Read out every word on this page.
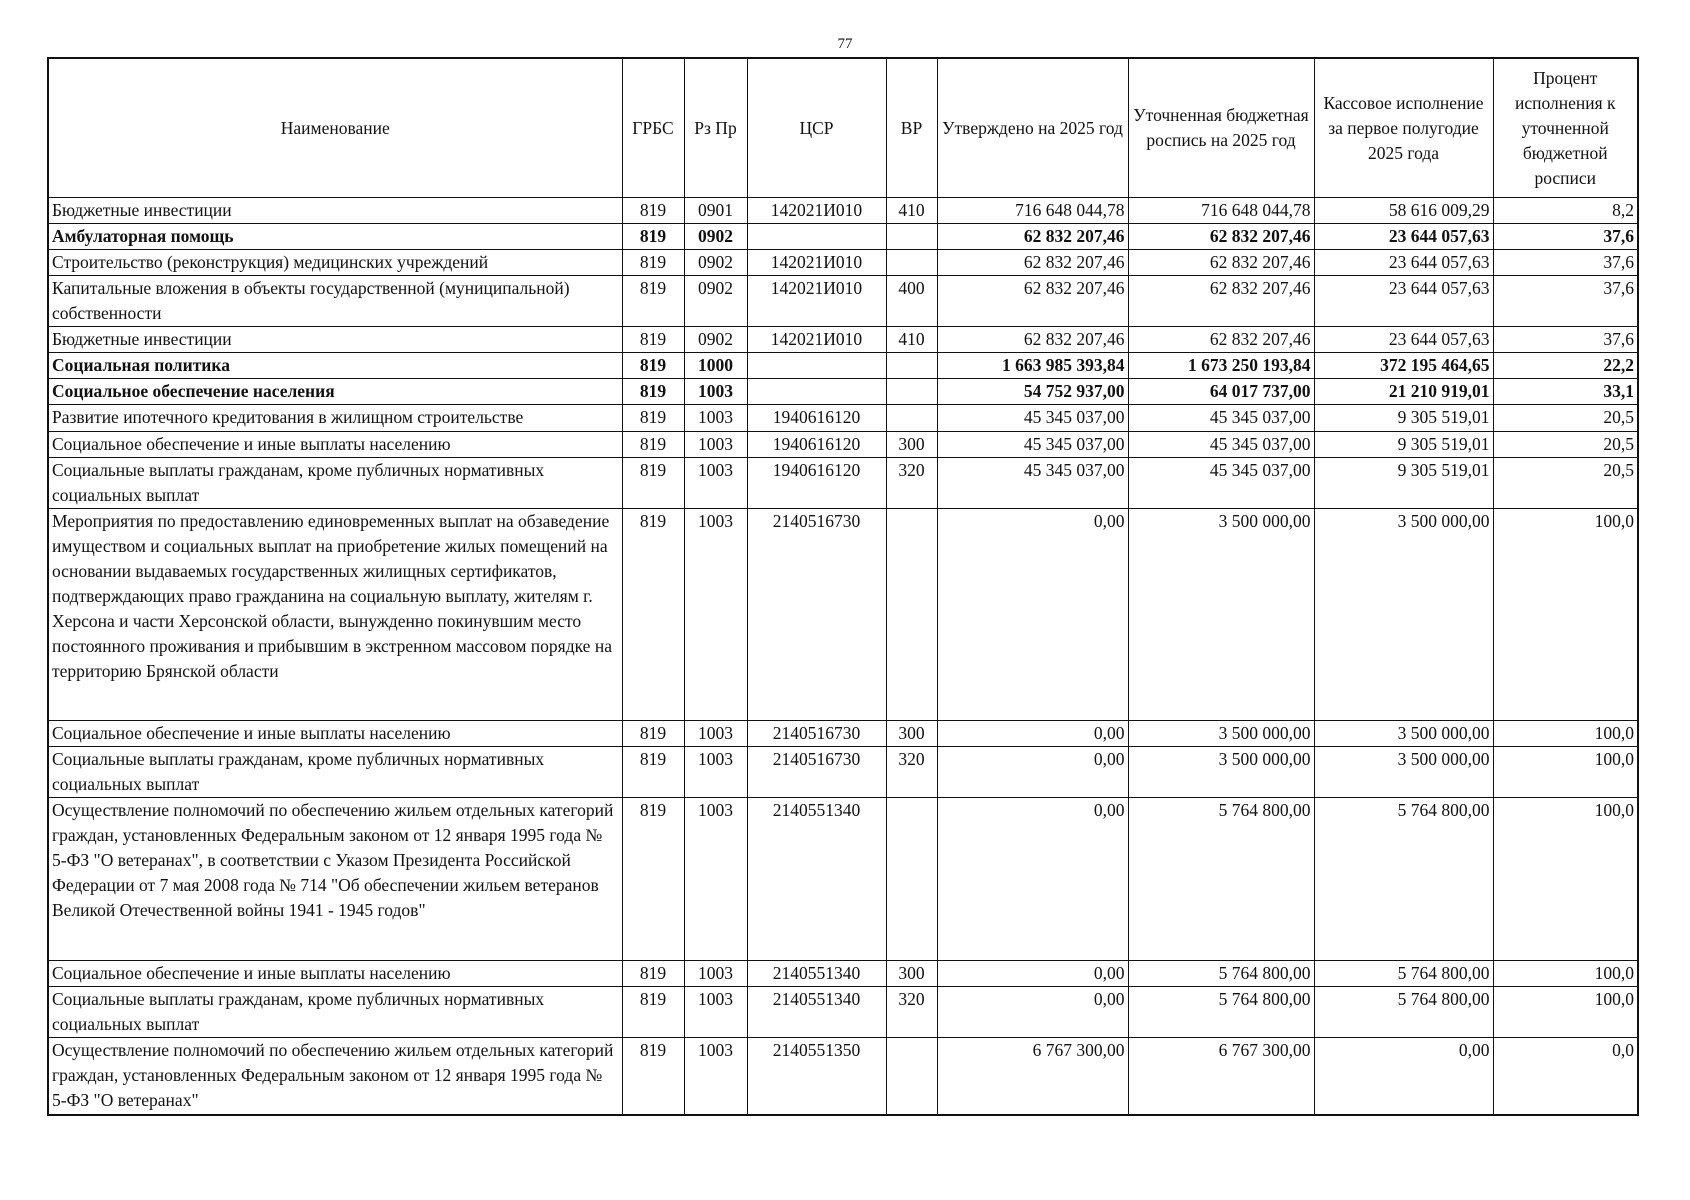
77
Наименование	ГРБС	Рз Пр	ЦСР	ВР	Утверждено на 2025 год	Уточненная бюджетная роспись на 2025 год	Кассовое исполнение за первое полугодие 2025 года	Процент исполнения к уточненной бюджетной росписи
Бюджетные инвестиции	819	0901	142021И010	410	716 648 044,78	716 648 044,78	58 616 009,29	8,2
Амбулаторная помощь	819	0902			62 832 207,46	62 832 207,46	23 644 057,63	37,6
Строительство (реконструкция) медицинских учреждений	819	0902	142021И010		62 832 207,46	62 832 207,46	23 644 057,63	37,6
Капитальные вложения в объекты государственной (муниципальной) собственности	819	0902	142021И010	400	62 832 207,46	62 832 207,46	23 644 057,63	37,6
Бюджетные инвестиции	819	0902	142021И010	410	62 832 207,46	62 832 207,46	23 644 057,63	37,6
Социальная политика	819	1000			1 663 985 393,84	1 673 250 193,84	372 195 464,65	22,2
Социальное обеспечение населения	819	1003			54 752 937,00	64 017 737,00	21 210 919,01	33,1
Развитие ипотечного кредитования в жилищном строительстве	819	1003	1940616120		45 345 037,00	45 345 037,00	9 305 519,01	20,5
Социальное обеспечение и иные выплаты населению	819	1003	1940616120	300	45 345 037,00	45 345 037,00	9 305 519,01	20,5
Социальные выплаты гражданам, кроме публичных нормативных социальных выплат	819	1003	1940616120	320	45 345 037,00	45 345 037,00	9 305 519,01	20,5
Мероприятия по предоставлению единовременных выплат на обзаведение имуществом и социальных выплат на приобретение жилых помещений на основании выдаваемых государственных жилищных сертификатов, подтверждающих право гражданина на социальную выплату, жителям г. Херсона и части Херсонской области, вынужденно покинувшим место постоянного проживания и прибывшим в экстренном массовом порядке на территорию Брянской области	819	1003	2140516730		0,00	3 500 000,00	3 500 000,00	100,0
Социальное обеспечение и иные выплаты населению	819	1003	2140516730	300	0,00	3 500 000,00	3 500 000,00	100,0
Социальные выплаты гражданам, кроме публичных нормативных социальных выплат	819	1003	2140516730	320	0,00	3 500 000,00	3 500 000,00	100,0
Осуществление полномочий по обеспечению жильем отдельных категорий граждан, установленных Федеральным законом от 12 января 1995 года № 5-ФЗ "О ветеранах", в соответствии с Указом Президента Российской Федерации от 7 мая 2008 года № 714 "Об обеспечении жильем ветеранов Великой Отечественной войны 1941 - 1945 годов"	819	1003	2140551340		0,00	5 764 800,00	5 764 800,00	100,0
Социальное обеспечение и иные выплаты населению	819	1003	2140551340	300	0,00	5 764 800,00	5 764 800,00	100,0
Социальные выплаты гражданам, кроме публичных нормативных социальных выплат	819	1003	2140551340	320	0,00	5 764 800,00	5 764 800,00	100,0
Осуществление полномочий по обеспечению жильем отдельных категорий граждан, установленных Федеральным законом от 12 января 1995 года № 5-ФЗ "О ветеранах"	819	1003	2140551350		6 767 300,00	6 767 300,00	0,00	0,0
